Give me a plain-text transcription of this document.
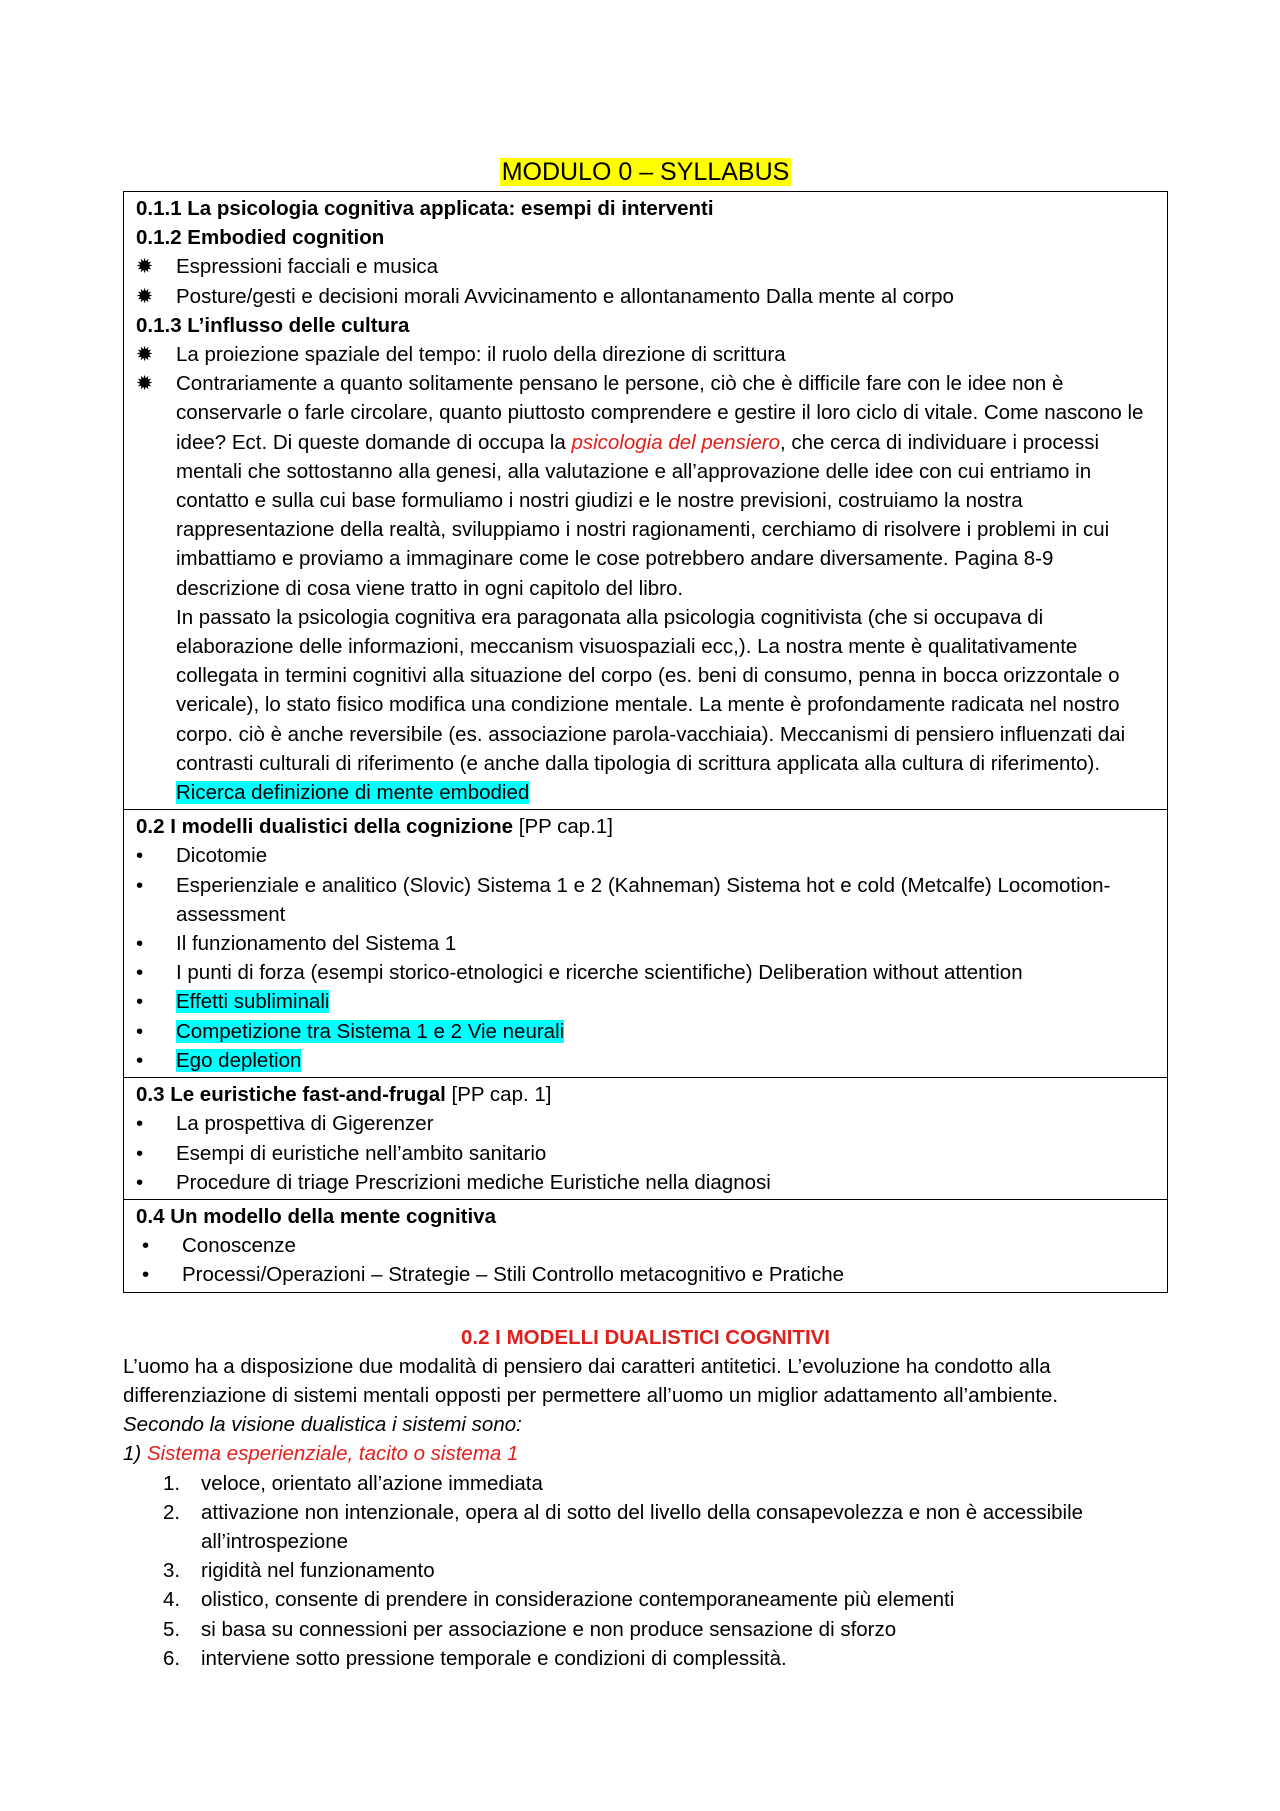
MODULO 0 – SYLLABUS
0.1.1 La psicologia cognitiva applicata: esempi di interventi
0.1.2 Embodied cognition
✹	Espressioni facciali e musica
✹	Posture/gesti e decisioni morali Avvicinamento e allontanamento Dalla mente al corpo
0.1.3 L’influsso delle cultura
✹	La proiezione spaziale del tempo: il ruolo della direzione di scrittura
✹	Contrariamente a quanto solitamente pensano le persone, ciò che è difficile fare con le idee non è conservarle o farle circolare, quanto piuttosto comprendere e gestire il loro ciclo di vitale. Come nascono le idee? Ect. Di queste domande di occupa la psicologia del pensiero, che cerca di individuare i processi mentali che sottostanno alla genesi, alla valutazione e all’approvazione delle idee con cui entriamo in contatto e sulla cui base formuliamo i nostri giudizi e le nostre previsioni, costruiamo la nostra rappresentazione della realtà, sviluppiamo i nostri ragionamenti, cerchiamo di risolvere i problemi in cui imbattiamo e proviamo a immaginare come le cose potrebbero andare diversamente. Pagina 8-9 descrizione di cosa viene tratto in ogni capitolo del libro.
In passato la psicologia cognitiva era paragonata alla psicologia cognitivista (che si occupava di elaborazione delle informazioni, meccanism visuospaziali ecc,). La nostra mente è qualitativamente collegata in termini cognitivi alla situazione del corpo (es. beni di consumo, penna in bocca orizzontale o vericale), lo stato fisico modifica una condizione mentale. La mente è profondamente radicata nel nostro corpo. ciò è anche reversibile (es. associazione parola-vacchiaia). Meccanismi di pensiero influenzati dai contrasti culturali di riferimento (e anche dalla tipologia di scrittura applicata alla cultura di riferimento). Ricerca definizione di mente embodied

0.2 I modelli dualistici della cognizione [PP cap.1]
•	Dicotomie
•	Esperienziale e analitico (Slovic) Sistema 1 e 2 (Kahneman) Sistema hot e cold (Metcalfe) Locomotion-assessment
•	Il funzionamento del Sistema 1
•	I punti di forza (esempi storico-etnologici e ricerche scientifiche) Deliberation without attention
•	Effetti subliminali
•	Competizione tra Sistema 1 e 2 Vie neurali
•	Ego depletion

0.3 Le euristiche fast-and-frugal [PP cap. 1]
•	La prospettiva di Gigerenzer
•	Esempi di euristiche nell’ambito sanitario
•	Procedure di triage Prescrizioni mediche Euristiche nella diagnosi

0.4 Un modello della mente cognitiva
•	Conoscenze
•	Processi/Operazioni – Strategie – Stili Controllo metacognitivo e Pratiche
0.2 I MODELLI DUALISTICI COGNITIVI
L’uomo ha a disposizione due modalità di pensiero dai caratteri antitetici. L’evoluzione ha condotto alla differenziazione di sistemi mentali opposti per permettere all’uomo un miglior adattamento all’ambiente.
Secondo la visione dualistica i sistemi sono:
1) Sistema esperienziale, tacito o sistema 1
1. veloce, orientato all’azione immediata
2. attivazione non intenzionale, opera al di sotto del livello della consapevolezza e non è accessibile all’introspezione
3. rigidità nel funzionamento
4. olistico, consente di prendere in considerazione contemporaneamente più elementi
5. si basa su connessioni per associazione e non produce sensazione di sforzo
6. interviene sotto pressione temporale e condizioni di complessità.
